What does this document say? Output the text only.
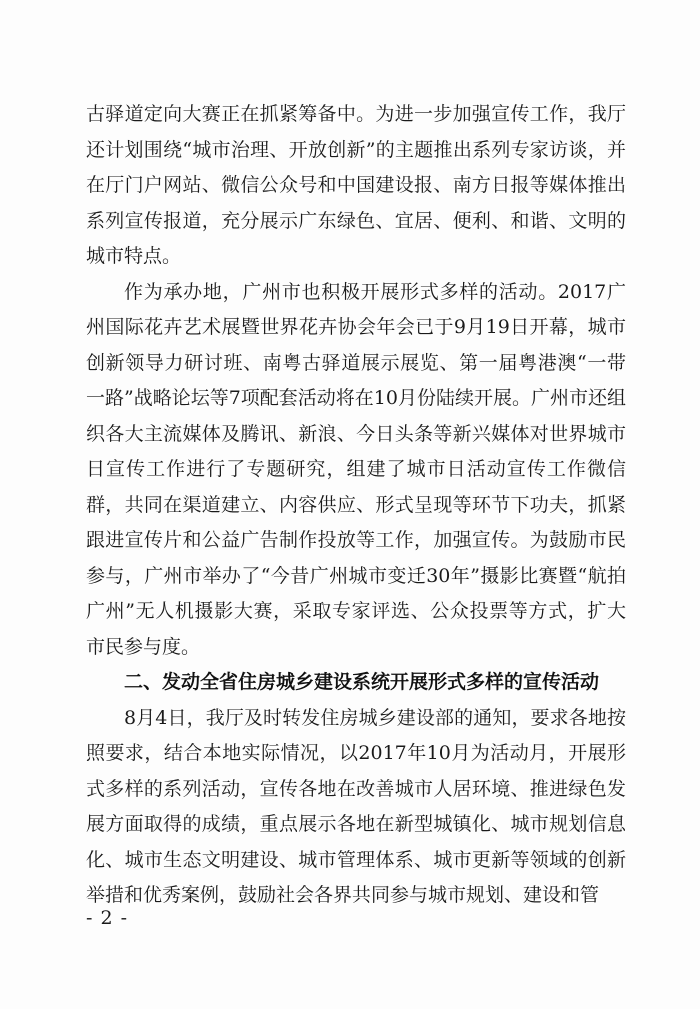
古驿道定向大赛正在抓紧筹备中。为进一步加强宣传工作，我厅还计划围绕“城市治理、开放创新”的主题推出系列专家访谈，并在厅门户网站、微信公众号和中国建设报、南方日报等媒体推出系列宣传报道，充分展示广东绿色、宜居、便利、和谐、文明的城市特点。

作为承办地，广州市也积极开展形式多样的活动。2017广州国际花卉艺术展暨世界花卉协会年会已于9月19日开幕，城市创新领导力研讨班、南粤古驿道展示展览、第一届粤港澳“一带一路”战略论坛等7项配套活动将在10月份陆续开展。广州市还组织各大主流媒体及腾讯、新浪、今日头条等新兴媒体对世界城市日宣传工作进行了专题研究，组建了城市日活动宣传工作微信群，共同在渠道建立、内容供应、形式呈现等环节下功夫，抓紧跟进宣传片和公益广告制作投放等工作，加强宣传。为鼓励市民参与，广州市举办了“今昔广州城市变迁30年”摄影比赛暨“航拍广州”无人机摄影大赛，采取专家评选、公众投票等方式，扩大市民参与度。

二、发动全省住房城乡建设系统开展形式多样的宣传活动

8月4日，我厅及时转发住房城乡建设部的通知，要求各地按照要求，结合本地实际情况，以2017年10月为活动月，开展形式多样的系列活动，宣传各地在改善城市人居环境、推进绿色发展方面取得的成绩，重点展示各地在新型城镇化、城市规划信息化、城市生态文明建设、城市管理体系、城市更新等领域的创新举措和优秀案例，鼓励社会各界共同参与城市规划、建设和管

- 2 -
